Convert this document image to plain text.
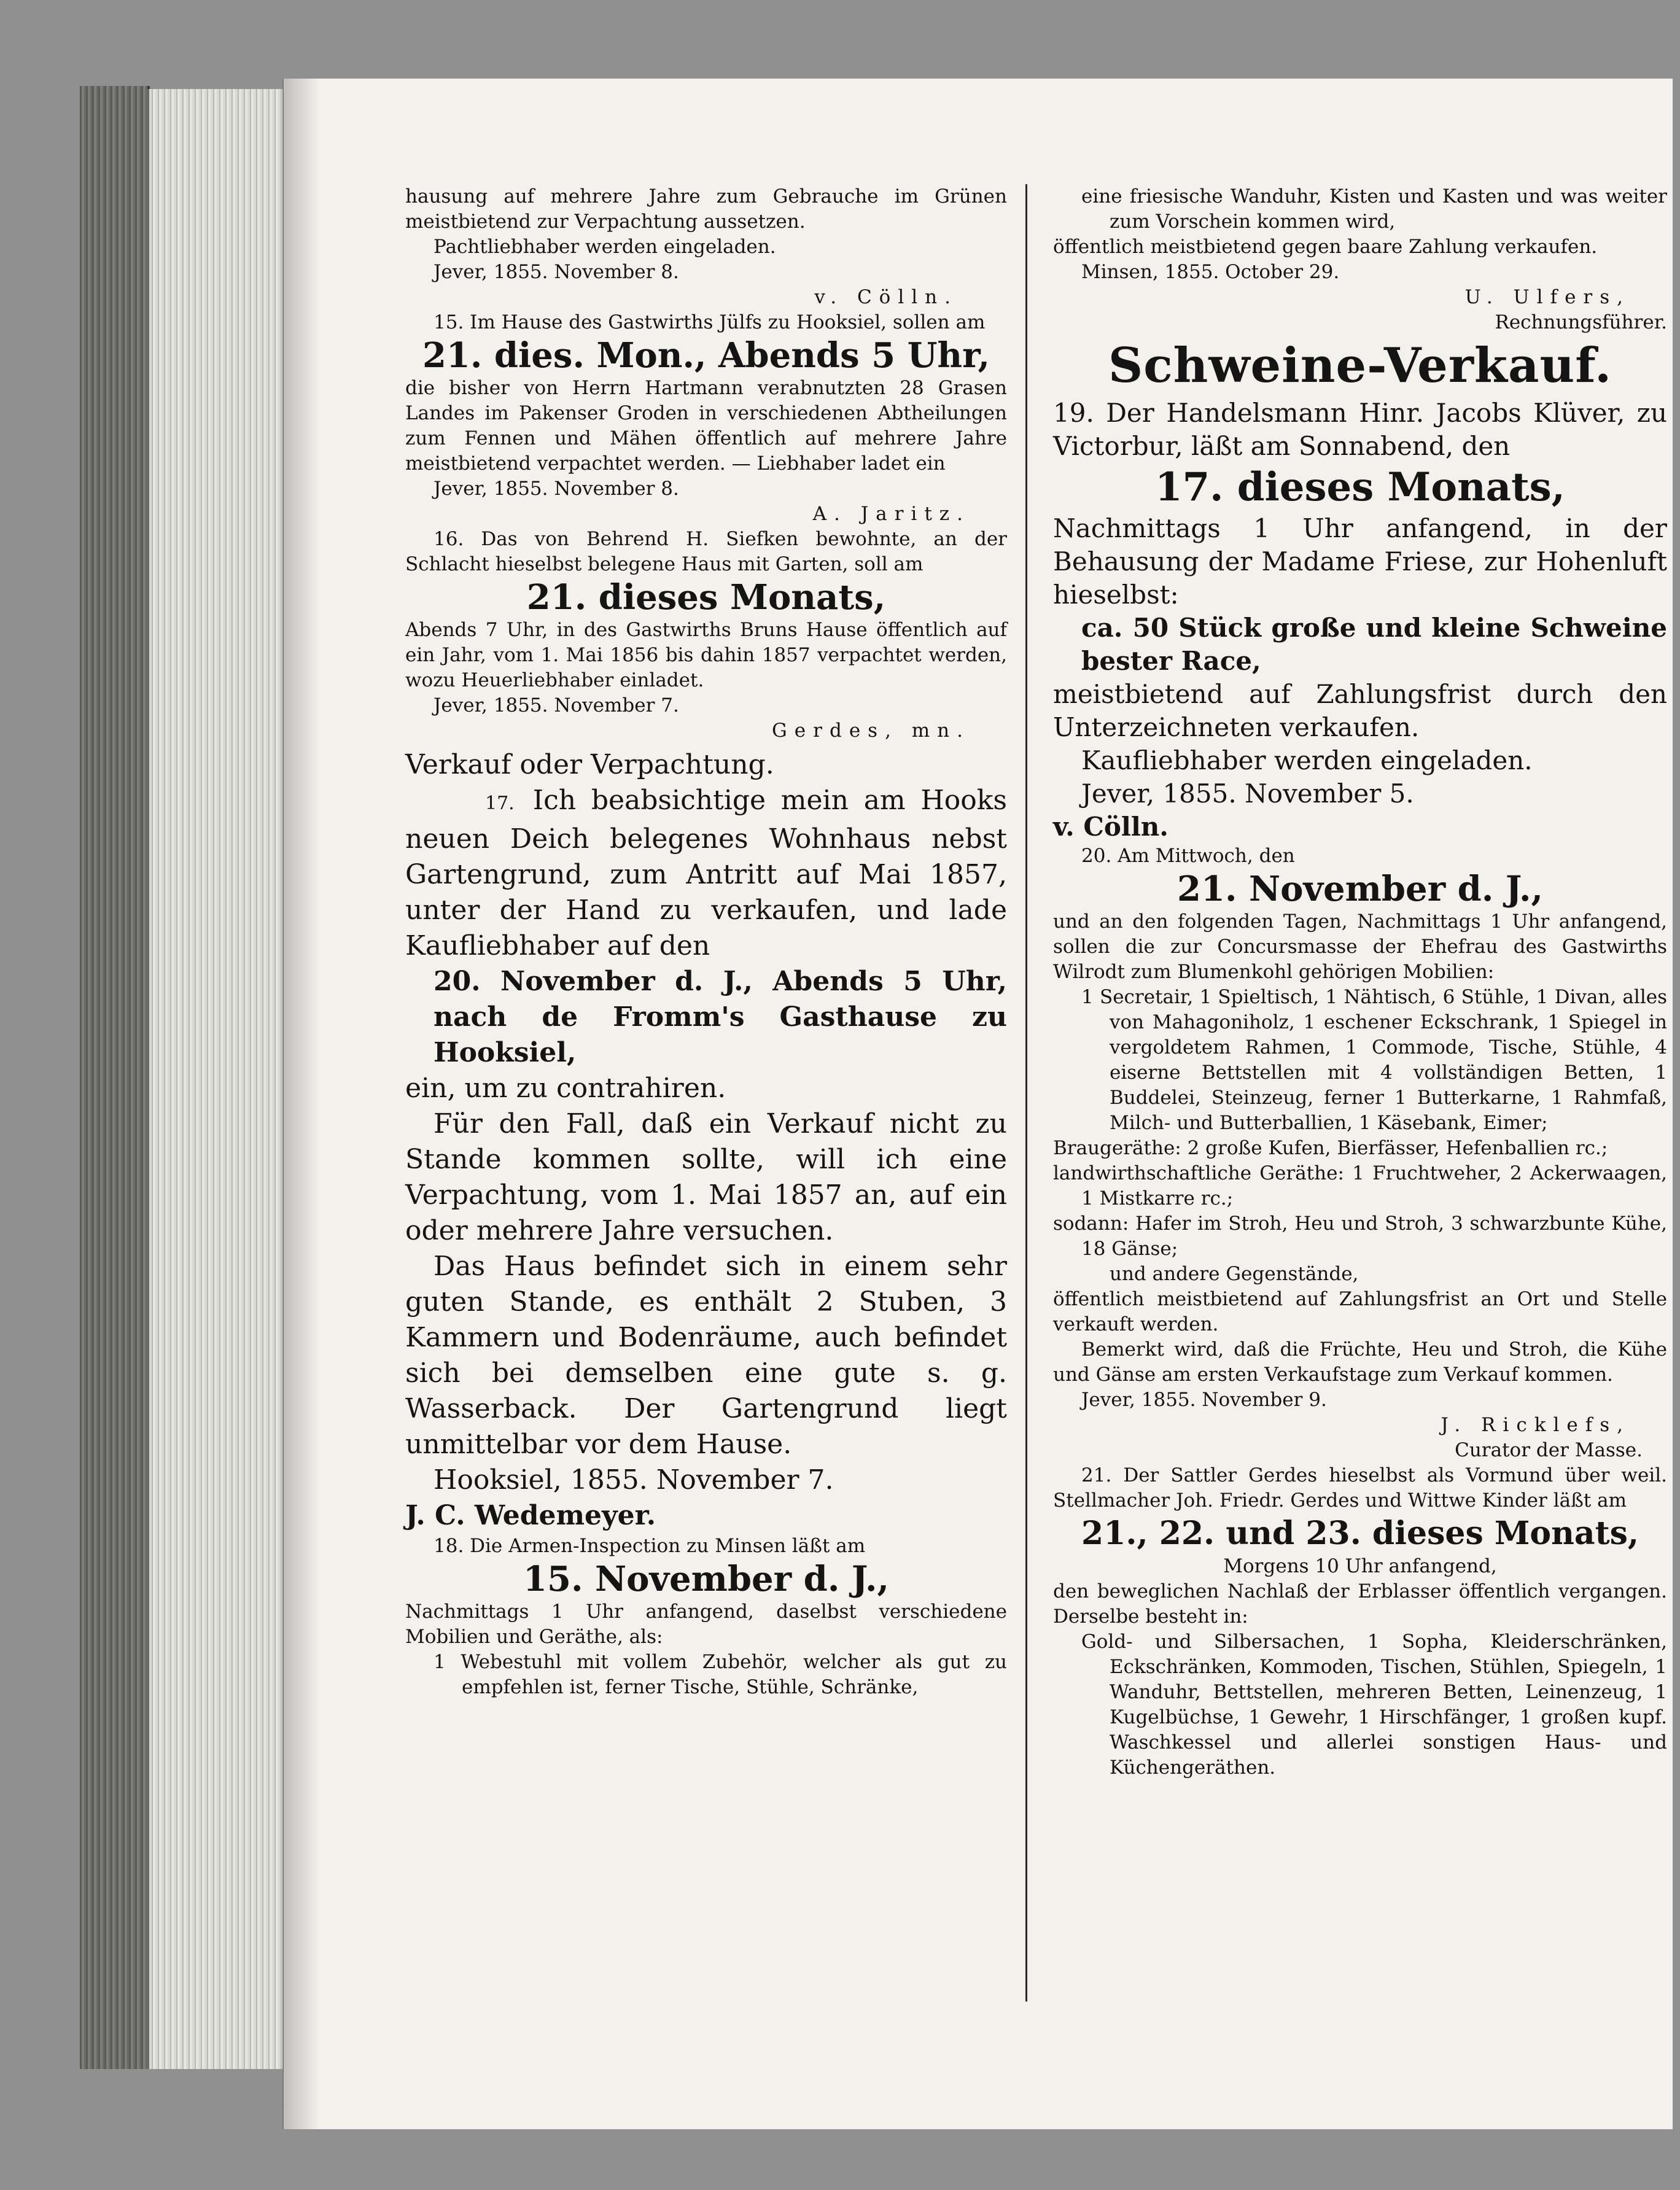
hausung auf mehrere Jahre zum Gebrauche im Grünen meistbietend zur Verpachtung aussetzen.

Pachtliebhaber werden eingeladen.

Jever, 1855. November 8.

v. Cölln.

15. Im Hause des Gastwirths Jülfs zu Hooksiel, sollen am

21. dies. Mon., Abends 5 Uhr,

die bisher von Herrn Hartmann verabnutzten 28 Grasen Landes im Pakenser Groden in verschiedenen Abtheilungen zum Fennen und Mähen öffentlich auf mehrere Jahre meistbietend verpachtet werden. — Liebhaber ladet ein

Jever, 1855. November 8.

A. Jaritz.

16. Das von Behrend H. Siefken bewohnte, an der Schlacht hieselbst belegene Haus mit Garten, soll am

21. dieses Monats,

Abends 7 Uhr, in des Gastwirths Bruns Hause öffentlich auf ein Jahr, vom 1. Mai 1856 bis dahin 1857 verpachtet werden, wozu Heuerliebhaber einladet.

Jever, 1855. November 7.

Gerdes, mn.

Verkauf oder Verpachtung.

17. Ich beabsichtige mein am Hooks neuen Deich belegenes Wohnhaus nebst Gartengrund, zum Antritt auf Mai 1857, unter der Hand zu verkaufen, und lade Kaufliebhaber auf den

20. November d. J., Abends 5 Uhr, nach de Fromm's Gasthause zu Hooksiel,

ein, um zu contrahiren.

Für den Fall, daß ein Verkauf nicht zu Stande kommen sollte, will ich eine Verpachtung, vom 1. Mai 1857 an, auf ein oder mehrere Jahre versuchen.

Das Haus befindet sich in einem sehr guten Stande, es enthält 2 Stuben, 3 Kammern und Bodenräume, auch befindet sich bei demselben eine gute s. g. Wasserback. Der Gartengrund liegt unmittelbar vor dem Hause.

Hooksiel, 1855. November 7.

J. C. Wedemeyer.

18. Die Armen-Inspection zu Minsen läßt am

15. November d. J.,

Nachmittags 1 Uhr anfangend, daselbst verschiedene Mobilien und Geräthe, als:

1 Webestuhl mit vollem Zubehör, welcher als gut zu empfehlen ist, ferner Tische, Stühle, Schränke,

eine friesische Wanduhr, Kisten und Kasten und was weiter zum Vorschein kommen wird,

öffentlich meistbietend gegen baare Zahlung verkaufen.

Minsen, 1855. October 29.

U. Ulfers,

Rechnungsführer.

Schweine-Verkauf.

19. Der Handelsmann Hinr. Jacobs Klüver, zu Victorbur, läßt am Sonnabend, den

17. dieses Monats,

Nachmittags 1 Uhr anfangend, in der Behausung der Madame Friese, zur Hohenluft hieselbst:

ca. 50 Stück große und kleine Schweine bester Race,

meistbietend auf Zahlungsfrist durch den Unterzeichneten verkaufen.

Kaufliebhaber werden eingeladen.

Jever, 1855. November 5.

v. Cölln.

20. Am Mittwoch, den

21. November d. J.,

und an den folgenden Tagen, Nachmittags 1 Uhr anfangend, sollen die zur Concursmasse der Ehefrau des Gastwirths Wilrodt zum Blumenkohl gehörigen Mobilien:

1 Secretair, 1 Spieltisch, 1 Nähtisch, 6 Stühle, 1 Divan, alles von Mahagoniholz, 1 eschener Eckschrank, 1 Spiegel in vergoldetem Rahmen, 1 Commode, Tische, Stühle, 4 eiserne Bettstellen mit 4 vollständigen Betten, 1 Buddelei, Steinzeug, ferner 1 Butterkarne, 1 Rahmfaß, Milch- und Butterballien, 1 Käsebank, Eimer;

Braugeräthe: 2 große Kufen, Bierfässer, Hefenballien rc.;

landwirthschaftliche Geräthe: 1 Fruchtweher, 2 Ackerwaagen, 1 Mistkarre rc.;

sodann: Hafer im Stroh, Heu und Stroh, 3 schwarzbunte Kühe, 18 Gänse;

und andere Gegenstände,

öffentlich meistbietend auf Zahlungsfrist an Ort und Stelle verkauft werden.

Bemerkt wird, daß die Früchte, Heu und Stroh, die Kühe und Gänse am ersten Verkaufstage zum Verkauf kommen.

Jever, 1855. November 9.

J. Ricklefs,

Curator der Masse.

21. Der Sattler Gerdes hieselbst als Vormund über weil. Stellmacher Joh. Friedr. Gerdes und Wittwe Kinder läßt am

21., 22. und 23. dieses Monats,

Morgens 10 Uhr anfangend,

den beweglichen Nachlaß der Erblasser öffentlich vergangen. Derselbe besteht in:

Gold- und Silbersachen, 1 Sopha, Kleiderschränken, Eckschränken, Kommoden, Tischen, Stühlen, Spiegeln, 1 Wanduhr, Bettstellen, mehreren Betten, Leinenzeug, 1 Kugelbüchse, 1 Gewehr, 1 Hirschfänger, 1 großen kupf. Waschkessel und allerlei sonstigen Haus- und Küchengeräthen.
